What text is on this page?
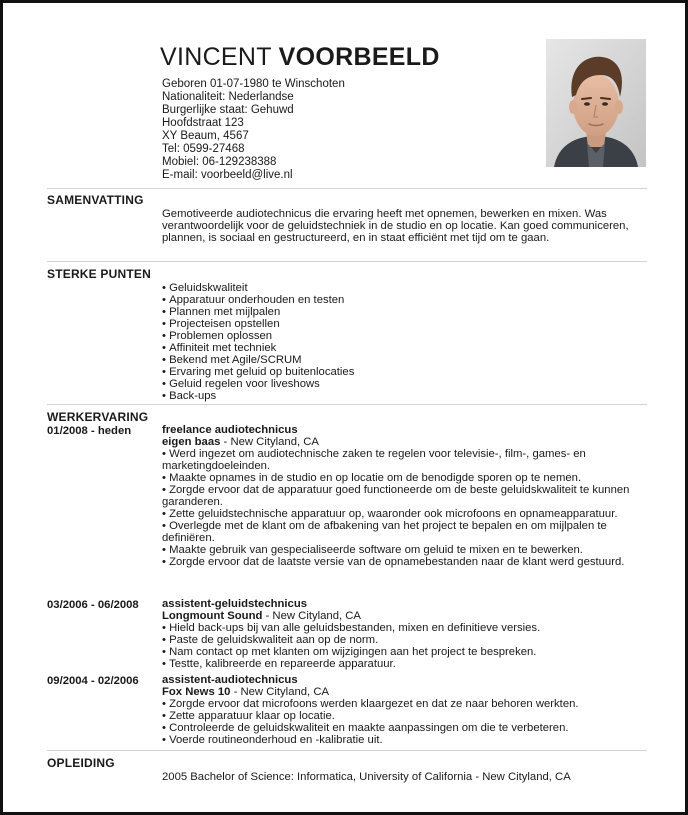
VINCENT VOORBEELD
Geboren 01-07-1980 te Winschoten
Nationaliteit: Nederlandse
Burgerlijke staat: Gehuwd
Hoofdstraat 123
XY Beaum, 4567
Tel: 0599-27468
Mobiel: 06-129238388
E-mail: voorbeeld@live.nl
SAMENVATTING
Gemotiveerde audiotechnicus die ervaring heeft met opnemen, bewerken en mixen. Was verantwoordelijk voor de geluidstechniek in de studio en op locatie. Kan goed communiceren, plannen, is sociaal en gestructureerd, en in staat efficiënt met tijd om te gaan.
STERKE PUNTEN
• Geluidskwaliteit
• Apparatuur onderhouden en testen
• Plannen met mijlpalen
• Projecteisen opstellen
• Problemen oplossen
• Affiniteit met techniek
• Bekend met Agile/SCRUM
• Ervaring met geluid op buitenlocaties
• Geluid regelen voor liveshows
• Back-ups
WERKERVARING
01/2008 - heden	freelance audiotechnicus
eigen baas - New Cityland, CA
• Werd ingezet om audiotechnische zaken te regelen voor televisie-, film-, games- en marketingdoeleinden.
• Maakte opnames in de studio en op locatie om de benodigde sporen op te nemen.
• Zorgde ervoor dat de apparatuur goed functioneerde om de beste geluidskwaliteit te kunnen garanderen.
• Zette geluidstechnische apparatuur op, waaronder ook microfoons en opnameapparatuur.
• Overlegde met de klant om de afbakening van het project te bepalen en om mijlpalen te definiëren.
• Maakte gebruik van gespecialiseerde software om geluid te mixen en te bewerken.
• Zorgde ervoor dat de laatste versie van de opnamebestanden naar de klant werd gestuurd.
03/2006 - 06/2008 assistent-geluidstechnicus
Longmount Sound - New Cityland, CA
• Hield back-ups bij van alle geluidsbestanden, mixen en definitieve versies.
• Paste de geluidskwaliteit aan op de norm.
• Nam contact op met klanten om wijzigingen aan het project te bespreken.
• Testte, kalibreerde en repareerde apparatuur.
09/2004 - 02/2006 assistent-audiotechnicus
Fox News 10 - New Cityland, CA
• Zorgde ervoor dat microfoons werden klaargezet en dat ze naar behoren werkten.
• Zette apparatuur klaar op locatie.
• Controleerde de geluidskwaliteit en maakte aanpassingen om die te verbeteren.
• Voerde routineonderhoud en -kalibratie uit.
OPLEIDING
2005 Bachelor of Science: Informatica, University of California - New Cityland, CA
